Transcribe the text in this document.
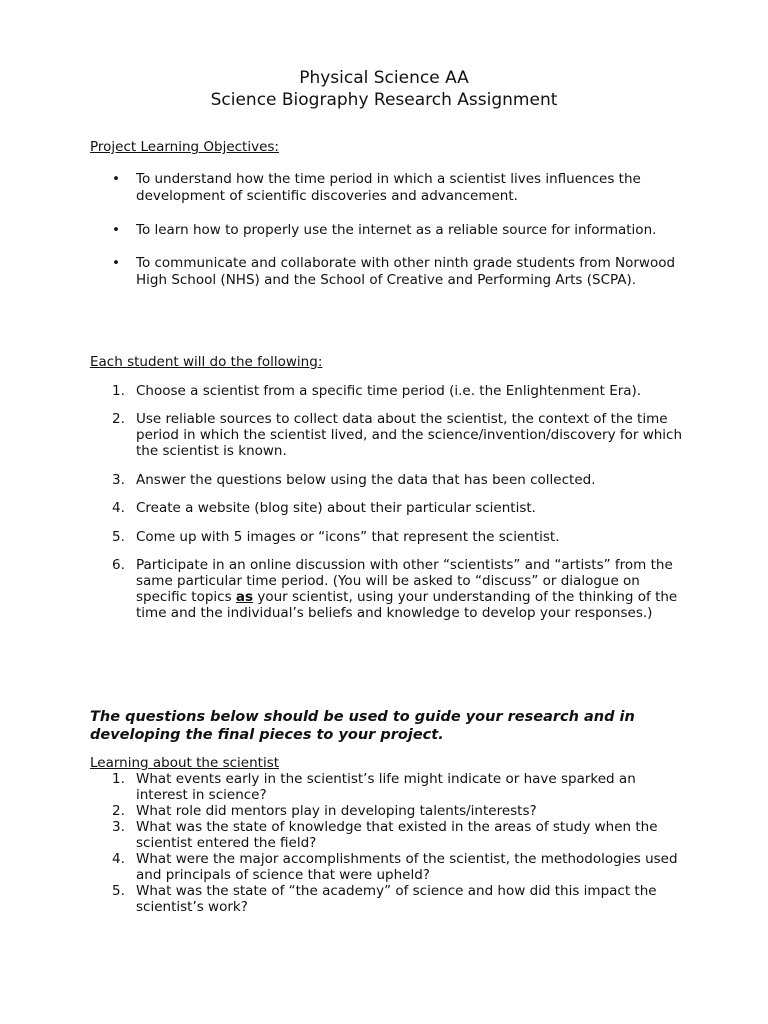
Physical Science AA
Science Biography Research Assignment
Project Learning Objectives:
• To understand how the time period in which a scientist lives influences the development of scientific discoveries and advancement.
• To learn how to properly use the internet as a reliable source for information.
• To communicate and collaborate with other ninth grade students from Norwood High School (NHS) and the School of Creative and Performing Arts (SCPA).
Each student will do the following:
1. Choose a scientist from a specific time period (i.e. the Enlightenment Era).
2. Use reliable sources to collect data about the scientist, the context of the time period in which the scientist lived, and the science/invention/discovery for which the scientist is known.
3. Answer the questions below using the data that has been collected.
4. Create a website (blog site) about their particular scientist.
5. Come up with 5 images or “icons” that represent the scientist.
6. Participate in an online discussion with other “scientists” and “artists” from the same particular time period. (You will be asked to “discuss” or dialogue on specific topics as your scientist, using your understanding of the thinking of the time and the individual’s beliefs and knowledge to develop your responses.)
The questions below should be used to guide your research and in developing the final pieces to your project.
Learning about the scientist
1. What events early in the scientist’s life might indicate or have sparked an interest in science?
2. What role did mentors play in developing talents/interests?
3. What was the state of knowledge that existed in the areas of study when the scientist entered the field?
4. What were the major accomplishments of the scientist, the methodologies used and principals of science that were upheld?
5. What was the state of “the academy” of science and how did this impact the scientist’s work?
